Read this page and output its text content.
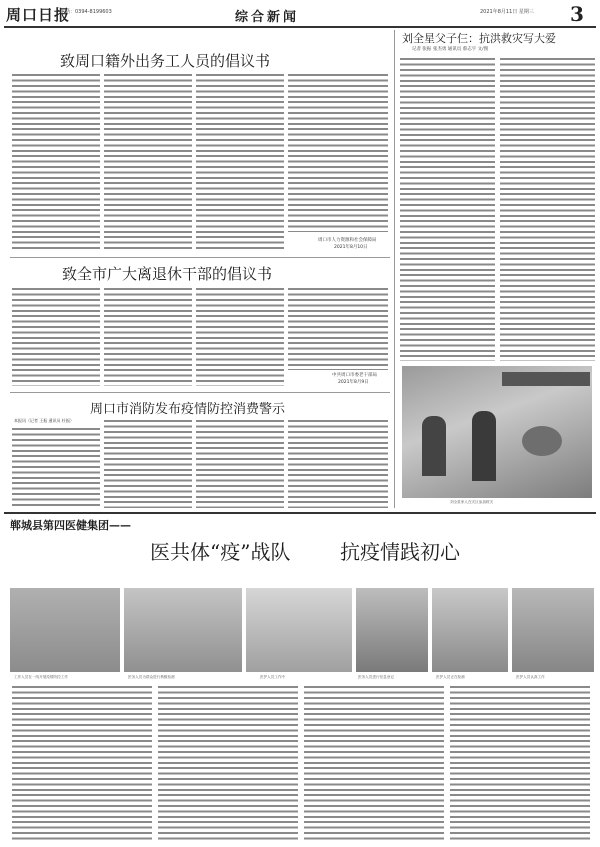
周口日报
电话：0394-8199603	综合新闻	2021年8月11日 星期三 3
致周口籍外出务工人员的倡议书
周口市人力资源和社会保障局
2021年8月10日
致全市广大离退休干部的倡议书
中共周口市委老干部局
2021年8月9日
周口市消防发布疫情防控消费警示
本报讯（记者 王振 通讯员 杜振）
刘全星父子仨：抗洪救灾写大爱
记者 张振 张杰勇 通讯员 蔡志宇 文/图
刘全星家人在灾区参加救灾
郸城县第四医健集团——
医共体“疫”战队 抗疫情践初心
工作人员在一线开展疫情防控工作	医务人员为群众进行核酸检测	医护人员工作中	医务人员进行信息登记	医护人员正在检测	医护人员认真工作
